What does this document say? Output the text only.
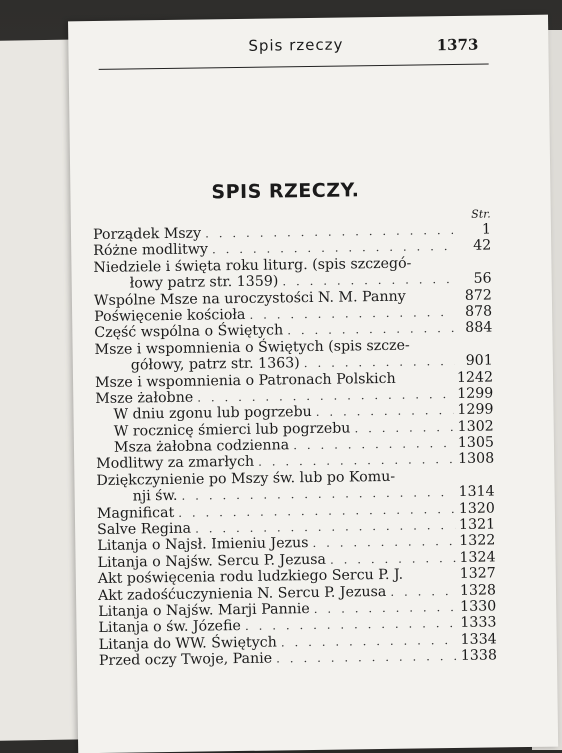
Spis rzeczy	1373
SPIS RZECZY.
Str.
Porządek Mszy . . .	1
Różne modlitwy . . .	42
Niedziele i święta roku liturg. (spis szczegó-
łowy patrz str. 1359) . . .	56
Wspólne Msze na uroczystości N. M. Panny	872
Poświęcenie kościoła . . .	878
Część wspólna o Świętych . . .	884
Msze i wspomnienia o Świętych (spis szcze-
gółowy, patrz str. 1363) . . .	901
Msze i wspomnienia o Patronach Polskich	1242
Msze żałobne . . .	1299
W dniu zgonu lub pogrzebu . . .	1299
W rocznicę śmierci lub pogrzebu . . .	1302
Msza żałobna codzienna . . .	1305
Modlitwy za zmarłych . . .	1308
Dziękczynienie po Mszy św. lub po Komu-
nji św. . . .	1314
Magnificat . . .	1320
Salve Regina . . .	1321
Litanja o Najsł. Imieniu Jezus . . .	1322
Litanja o Najśw. Sercu P. Jezusa . . .	1324
Akt poświęcenia rodu ludzkiego Sercu P. J.	1327
Akt zadośćuczynienia N. Sercu P. Jezusa . . .	1328
Litanja o Najśw. Marji Pannie . . .	1330
Litanja o św. Józefie . . .	1333
Litanja do WW. Świętych . . .	1334
Przed oczy Twoje, Panie . . .	1338
